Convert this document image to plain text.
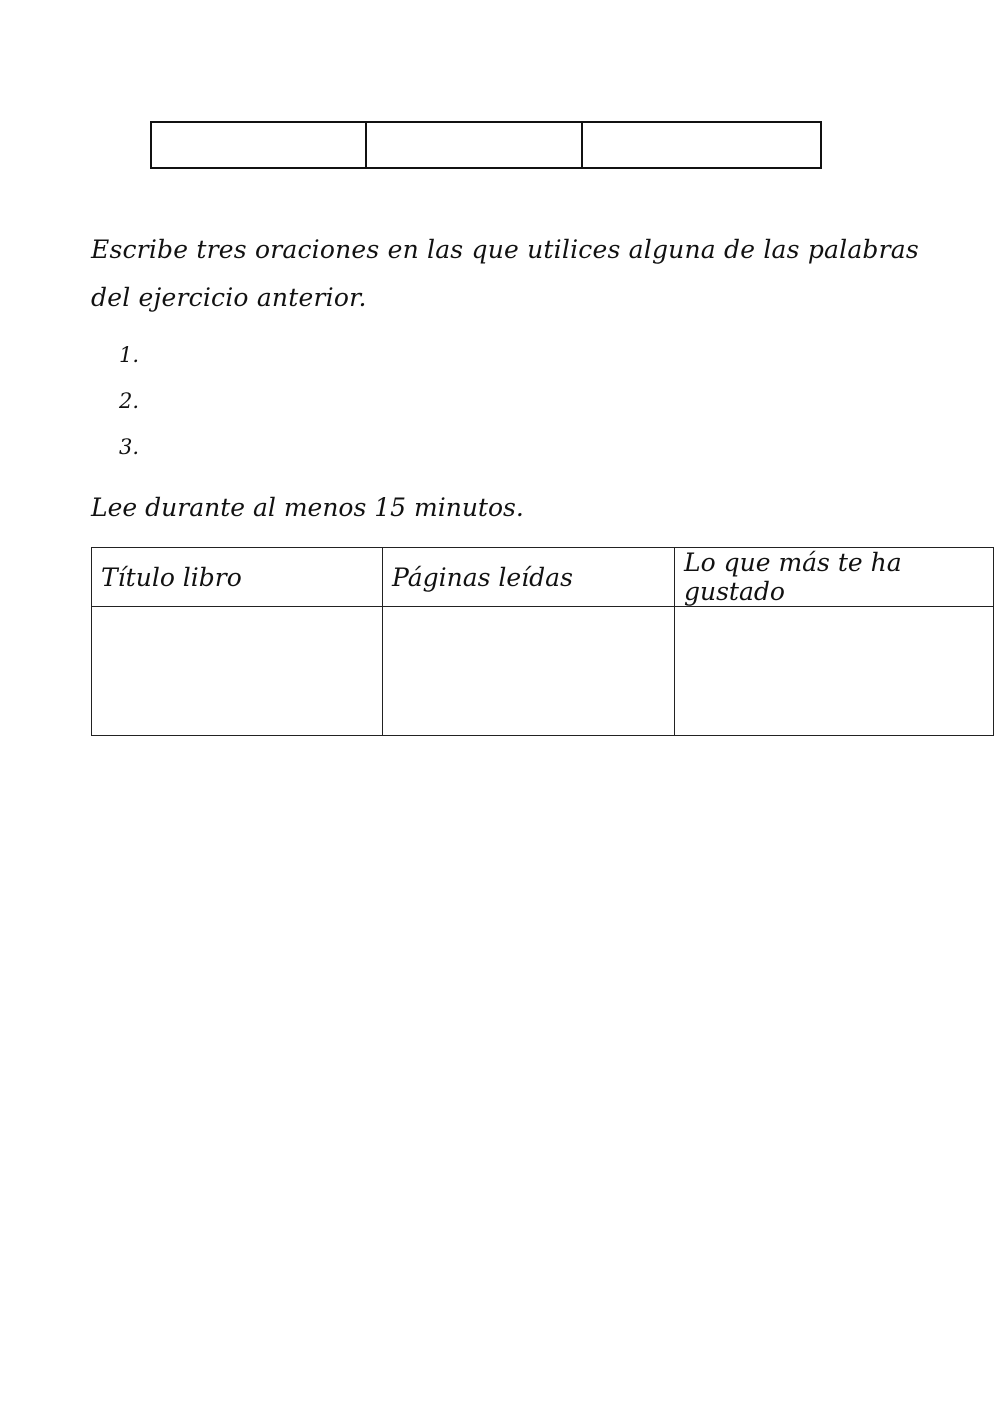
Escribe tres oraciones en las que utilices alguna de las palabras del ejercicio anterior.

1.
2.
3.

Lee durante al menos 15 minutos.

Título libro	Páginas leídas	Lo que más te ha gustado
